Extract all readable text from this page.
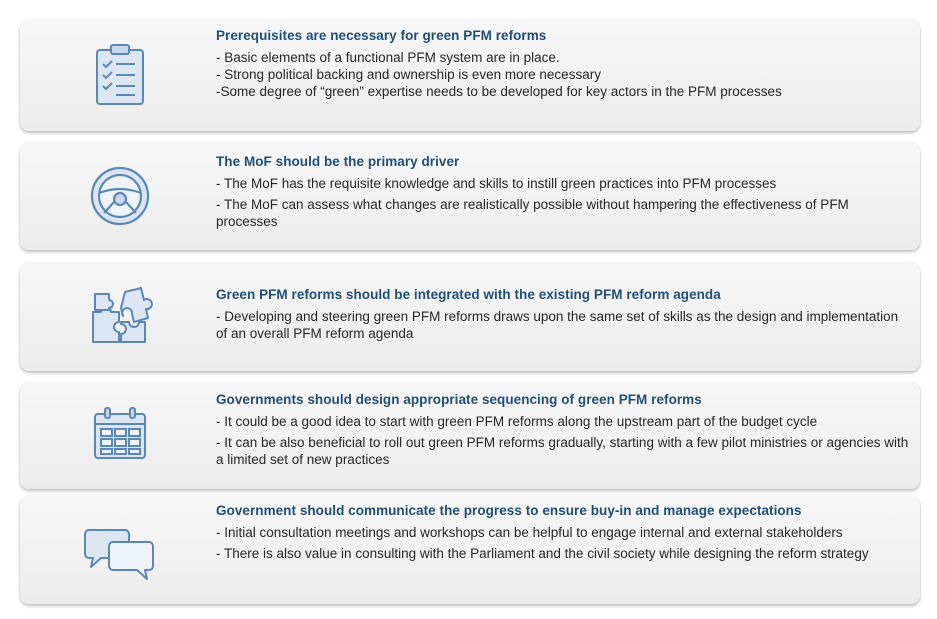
Prerequisites are necessary for green PFM reforms
- Basic elements of a functional PFM system are in place.
- Strong political backing and ownership is even more necessary
-Some degree of “green” expertise needs to be developed for key actors in the PFM processes
The MoF should be the primary driver
- The MoF has the requisite knowledge and skills to instill green practices into PFM processes
- The MoF can assess what changes are realistically possible without hampering the effectiveness of PFM processes
Green PFM reforms should be integrated with the existing PFM reform agenda
- Developing and steering green PFM reforms draws upon the same set of skills as the design and implementation of an overall PFM reform agenda
Governments should design appropriate sequencing of green PFM reforms
- It could be a good idea to start with green PFM reforms along the upstream part of the budget cycle
- It can be also beneficial to roll out green PFM reforms gradually, starting with a few pilot ministries or agencies with a limited set of new practices
Government should communicate the progress to ensure buy-in and manage expectations
- Initial consultation meetings and workshops can be helpful to engage internal and external stakeholders
- There is also value in consulting with the Parliament and the civil society while designing the reform strategy
